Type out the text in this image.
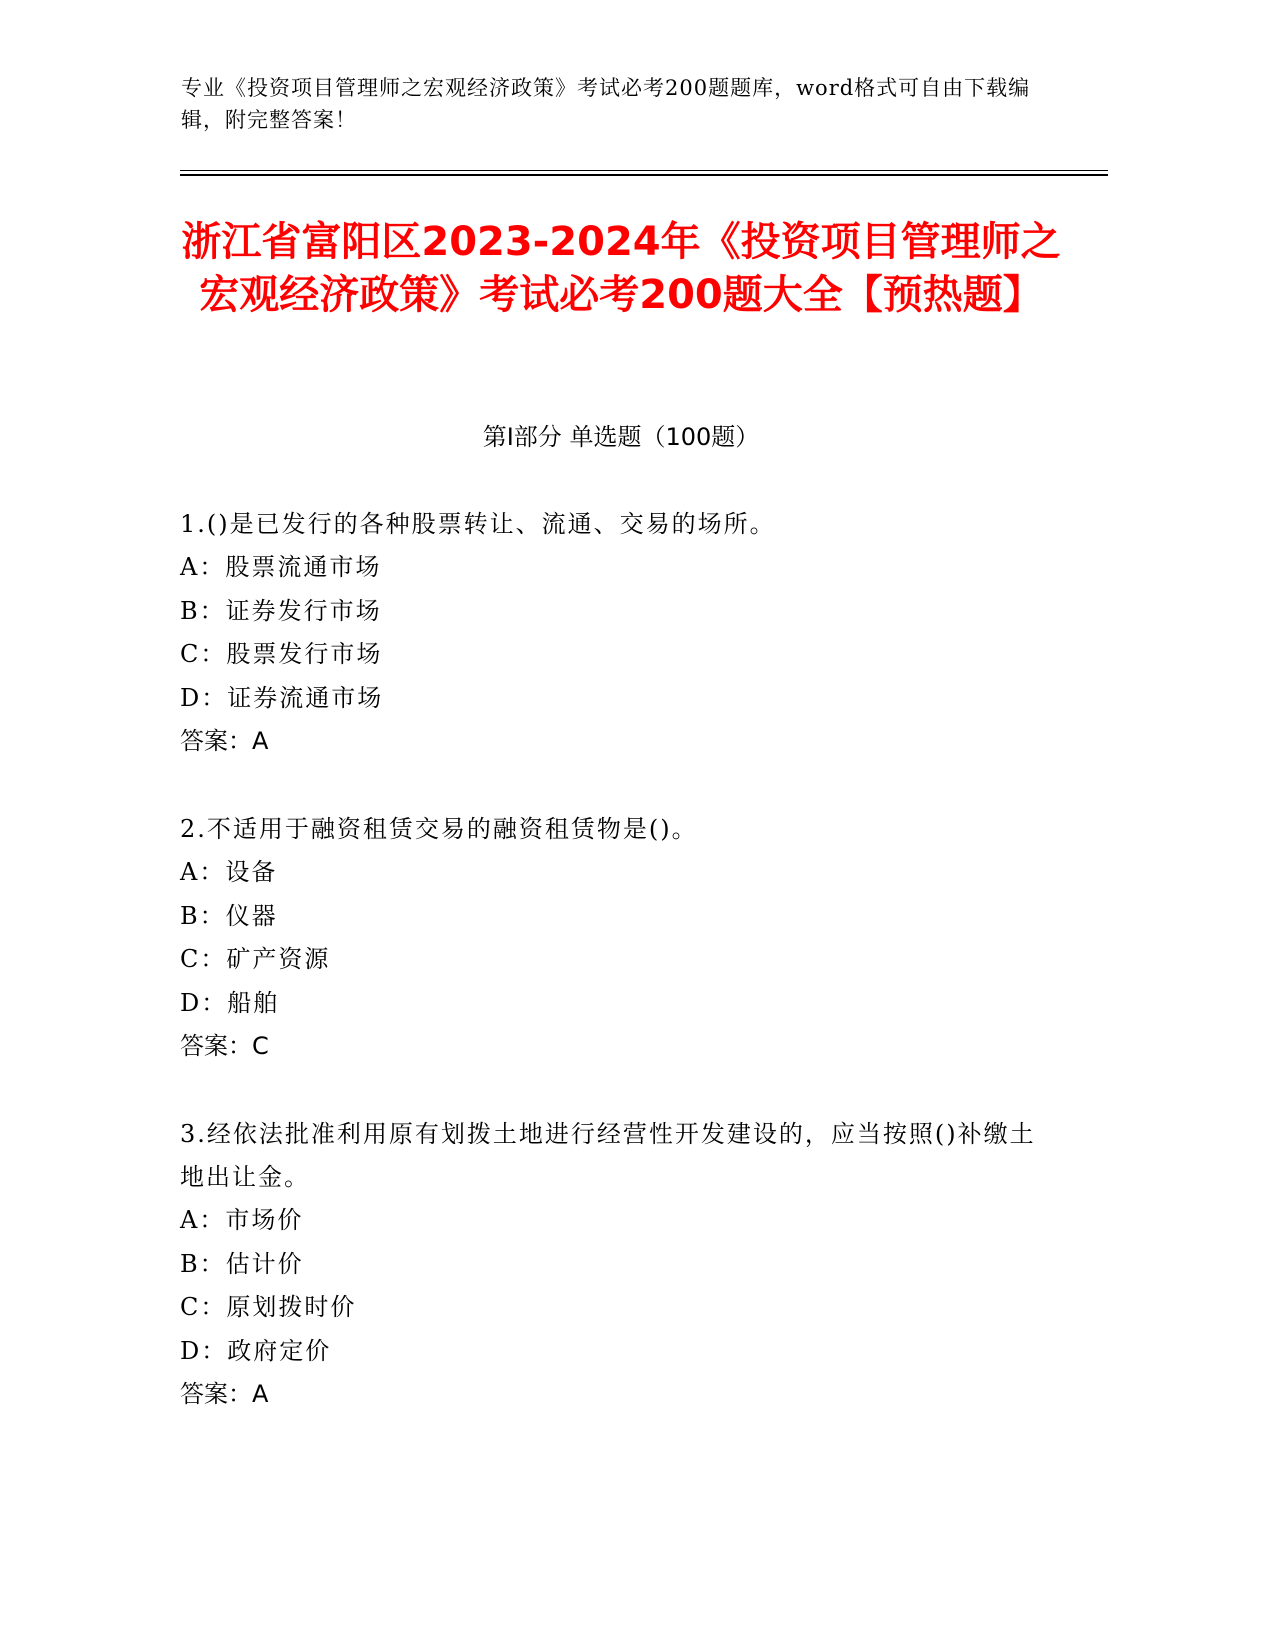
专业《投资项目管理师之宏观经济政策》考试必考200题题库，word格式可自由下载编辑，附完整答案！
浙江省富阳区2023-2024年《投资项目管理师之宏观经济政策》考试必考200题大全【预热题】
第I部分 单选题（100题）
1.()是已发行的各种股票转让、流通、交易的场所。
A：股票流通市场
B：证券发行市场
C：股票发行市场
D：证券流通市场
答案：A
2.不适用于融资租赁交易的融资租赁物是()。
A：设备
B：仪器
C：矿产资源
D：船舶
答案：C
3.经依法批准利用原有划拨土地进行经营性开发建设的，应当按照()补缴土地出让金。
A：市场价
B：估计价
C：原划拨时价
D：政府定价
答案：A
